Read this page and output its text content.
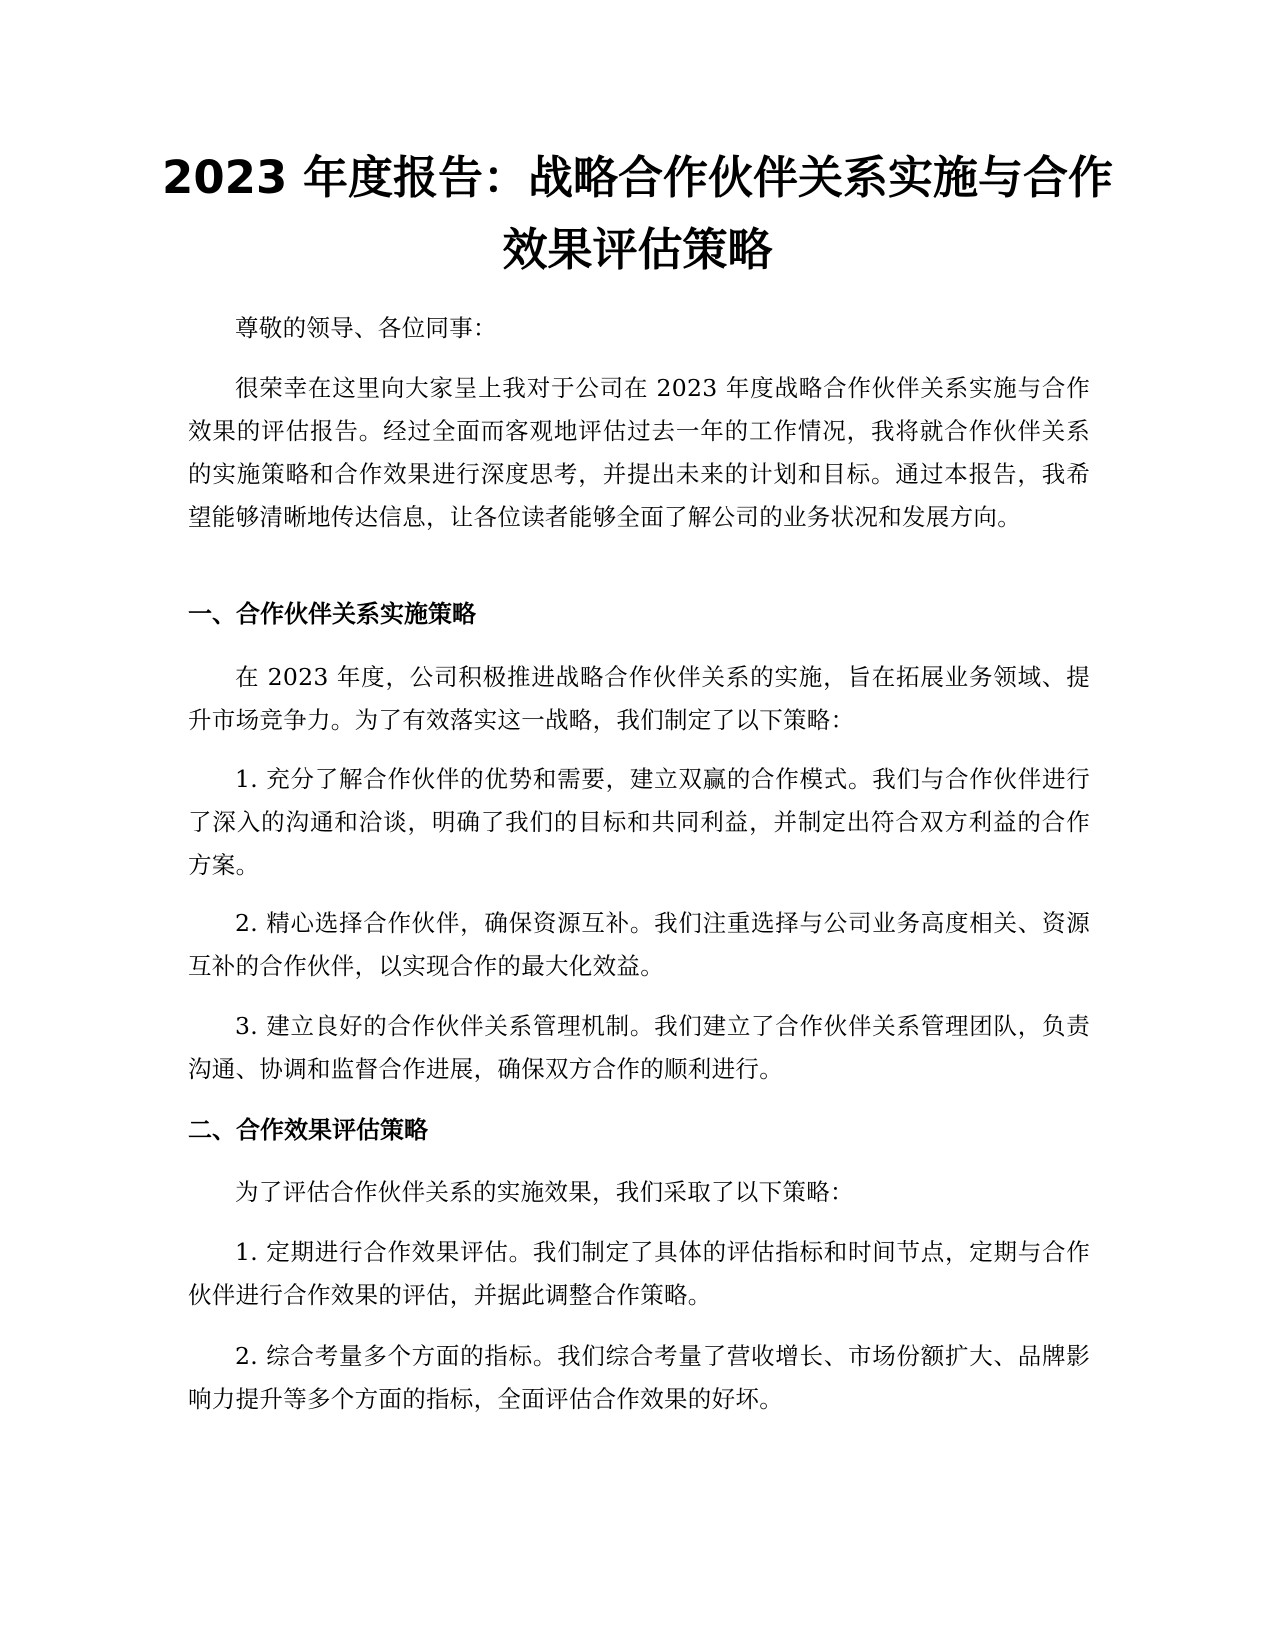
2023 年度报告：战略合作伙伴关系实施与合作效果评估策略

尊敬的领导、各位同事：

很荣幸在这里向大家呈上我对于公司在 2023 年度战略合作伙伴关系实施与合作效果的评估报告。经过全面而客观地评估过去一年的工作情况，我将就合作伙伴关系的实施策略和合作效果进行深度思考，并提出未来的计划和目标。通过本报告，我希望能够清晰地传达信息，让各位读者能够全面了解公司的业务状况和发展方向。

一、合作伙伴关系实施策略

在 2023 年度，公司积极推进战略合作伙伴关系的实施，旨在拓展业务领域、提升市场竞争力。为了有效落实这一战略，我们制定了以下策略：

1. 充分了解合作伙伴的优势和需要，建立双赢的合作模式。我们与合作伙伴进行了深入的沟通和洽谈，明确了我们的目标和共同利益，并制定出符合双方利益的合作方案。

2. 精心选择合作伙伴，确保资源互补。我们注重选择与公司业务高度相关、资源互补的合作伙伴，以实现合作的最大化效益。

3. 建立良好的合作伙伴关系管理机制。我们建立了合作伙伴关系管理团队，负责沟通、协调和监督合作进展，确保双方合作的顺利进行。

二、合作效果评估策略

为了评估合作伙伴关系的实施效果，我们采取了以下策略：

1. 定期进行合作效果评估。我们制定了具体的评估指标和时间节点，定期与合作伙伴进行合作效果的评估，并据此调整合作策略。

2. 综合考量多个方面的指标。我们综合考量了营收增长、市场份额扩大、品牌影响力提升等多个方面的指标，全面评估合作效果的好坏。
